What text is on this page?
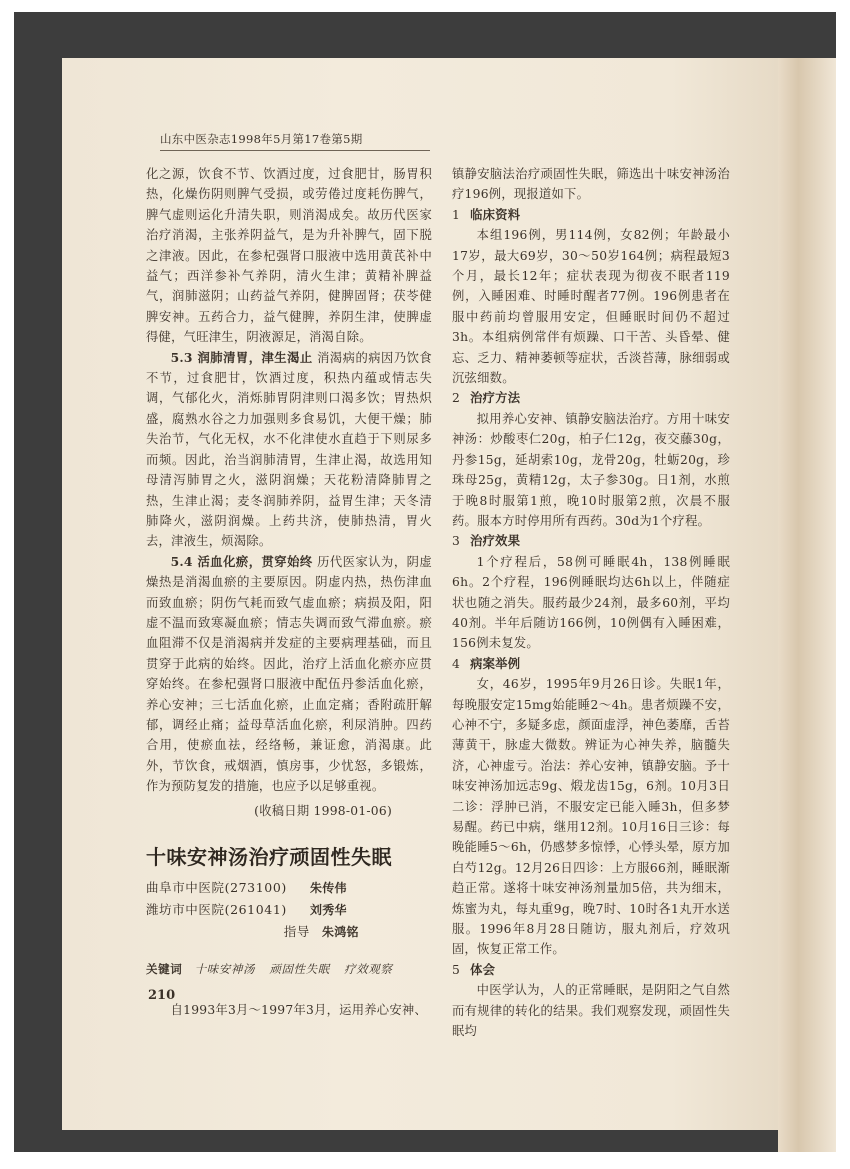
山东中医杂志1998年5月第17卷第5期

化之源，饮食不节、饮酒过度，过食肥甘，肠胃积热，化燥伤阴则脾气受损，或劳倦过度耗伤脾气，脾气虚则运化升清失职，则消渴成矣。故历代医家治疗消渴，主张养阴益气，是为升补脾气，固下脱之津液。因此，在参杞强肾口服液中选用黄芪补中益气；西洋参补气养阴，清火生津；黄精补脾益气，润肺滋阴；山药益气养阴，健脾固肾；茯苓健脾安神。五药合力，益气健脾，养阴生津，使脾虚得健，气旺津生，阴液源足，消渴自除。

5.3 润肺清胃，津生渴止 消渴病的病因乃饮食不节，过食肥甘，饮酒过度，积热内蕴或情志失调，气郁化火，消烁肺胃阴津则口渴多饮；胃热炽盛，腐熟水谷之力加强则多食易饥，大便干燥；肺失治节，气化无权，水不化津使水直趋于下则尿多而频。因此，治当润肺清胃，生津止渴，故选用知母清泻肺胃之火，滋阴润燥；天花粉清降肺胃之热，生津止渴；麦冬润肺养阴，益胃生津；天冬清肺降火，滋阴润燥。上药共济，使肺热清，胃火去，津液生，烦渴除。

5.4 活血化瘀，贯穿始终 历代医家认为，阴虚燥热是消渴血瘀的主要原因。阴虚内热，热伤津血而致血瘀；阴伤气耗而致气虚血瘀；病损及阳，阳虚不温而致寒凝血瘀；情志失调而致气滞血瘀。瘀血阻滞不仅是消渴病并发症的主要病理基础，而且贯穿于此病的始终。因此，治疗上活血化瘀亦应贯穿始终。在参杞强肾口服液中配伍丹参活血化瘀，养心安神；三七活血化瘀，止血定痛；香附疏肝解郁，调经止痛；益母草活血化瘀，利尿消肿。四药合用，使瘀血祛，经络畅，兼证愈，消渴康。此外，节饮食，戒烟酒，慎房事，少忧怒，多锻炼，作为预防复发的措施，也应予以足够重视。

(收稿日期 1998-01-06)

十味安神汤治疗顽固性失眠
曲阜市中医院(273100)	朱传伟
潍坊市中医院(261041)	刘秀华
指导	朱鸿铭

关键词 十味安神汤 顽固性失眠 疗效观察

自1993年3月～1997年3月，运用养心安神、

镇静安脑法治疗顽固性失眠，筛选出十味安神汤治疗196例，现报道如下。

1 临床资料

本组196例，男114例，女82例；年龄最小17岁，最大69岁，30～50岁164例；病程最短3个月，最长12年；症状表现为彻夜不眠者119例，入睡困难、时睡时醒者77例。196例患者在服中药前均曾服用安定，但睡眠时间仍不超过3h。本组病例常伴有烦躁、口干苦、头昏晕、健忘、乏力、精神萎顿等症状，舌淡苔薄，脉细弱或沉弦细数。

2 治疗方法

拟用养心安神、镇静安脑法治疗。方用十味安神汤：炒酸枣仁20g，柏子仁12g，夜交藤30g，丹参15g，延胡索10g，龙骨20g，牡蛎20g，珍珠母25g，黄精12g，太子参30g。日1剂，水煎于晚8时服第1煎，晚10时服第2煎，次晨不服药。服本方时停用所有西药。30d为1个疗程。

3 治疗效果

1个疗程后，58例可睡眠4h，138例睡眠6h。2个疗程，196例睡眠均达6h以上，伴随症状也随之消失。服药最少24剂，最多60剂，平均40剂。半年后随访166例，10例偶有入睡困难，156例未复发。

4 病案举例

女，46岁，1995年9月26日诊。失眠1年，每晚服安定15mg始能睡2～4h。患者烦躁不安，心神不宁，多疑多虑，颜面虚浮，神色萎靡，舌苔薄黄干，脉虚大微数。辨证为心神失养，脑髓失济，心神虚亏。治法：养心安神，镇静安脑。予十味安神汤加远志9g、煅龙齿15g，6剂。10月3日二诊：浮肿已消，不服安定已能入睡3h，但多梦易醒。药已中病，继用12剂。10月16日三诊：每晚能睡5～6h，仍感梦多惊悸，心悸头晕，原方加白芍12g。12月26日四诊：上方服66剂，睡眠渐趋正常。遂将十味安神汤剂量加5倍，共为细末，炼蜜为丸，每丸重9g，晚7时、10时各1丸开水送服。1996年8月28日随访，服丸剂后，疗效巩固，恢复正常工作。

5 体会

中医学认为，人的正常睡眠，是阴阳之气自然而有规律的转化的结果。我们观察发现，顽固性失眠均

210
